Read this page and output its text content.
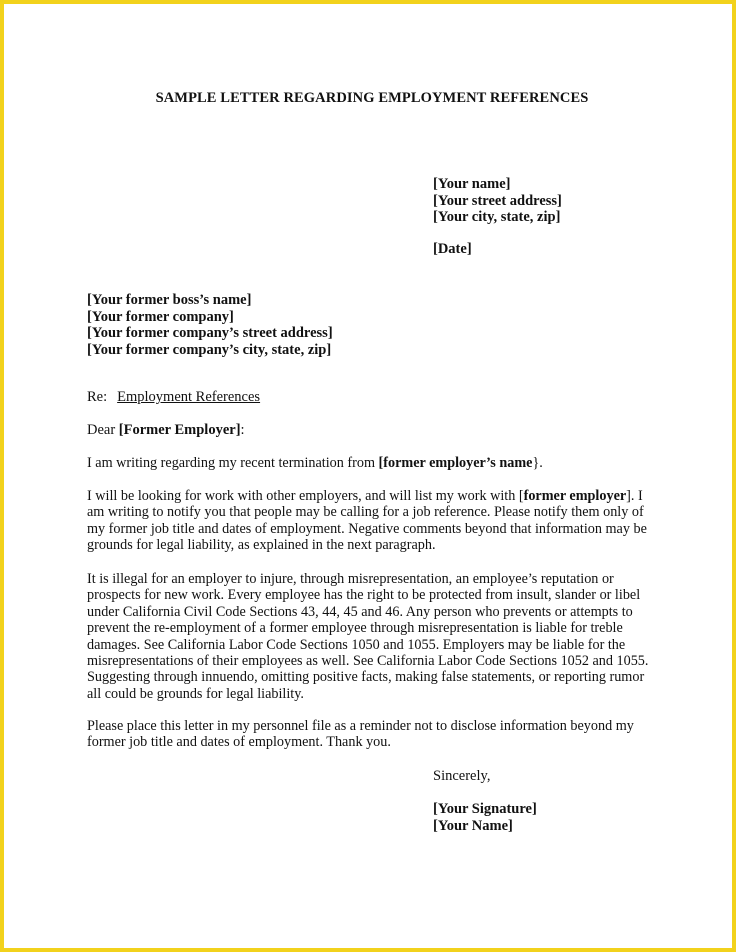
SAMPLE LETTER REGARDING EMPLOYMENT REFERENCES
[Your name]
[Your street address]
[Your city, state, zip]
[Date]
[Your former boss’s name]
[Your former company]
[Your former company’s street address]
[Your former company’s city, state, zip]
Re: Employment References
Dear [Former Employer]:
I am writing regarding my recent termination from [former employer’s name}.
I will be looking for work with other employers, and will list my work with [former employer]. I
am writing to notify you that people may be calling for a job reference. Please notify them only of
my former job title and dates of employment. Negative comments beyond that information may be
grounds for legal liability, as explained in the next paragraph.
It is illegal for an employer to injure, through misrepresentation, an employee’s reputation or
prospects for new work. Every employee has the right to be protected from insult, slander or libel
under California Civil Code Sections 43, 44, 45 and 46. Any person who prevents or attempts to
prevent the re-employment of a former employee through misrepresentation is liable for treble
damages. See California Labor Code Sections 1050 and 1055. Employers may be liable for the
misrepresentations of their employees as well. See California Labor Code Sections 1052 and 1055.
Suggesting through innuendo, omitting positive facts, making false statements, or reporting rumor
all could be grounds for legal liability.
Please place this letter in my personnel file as a reminder not to disclose information beyond my
former job title and dates of employment. Thank you.
Sincerely,
[Your Signature]
[Your Name]
